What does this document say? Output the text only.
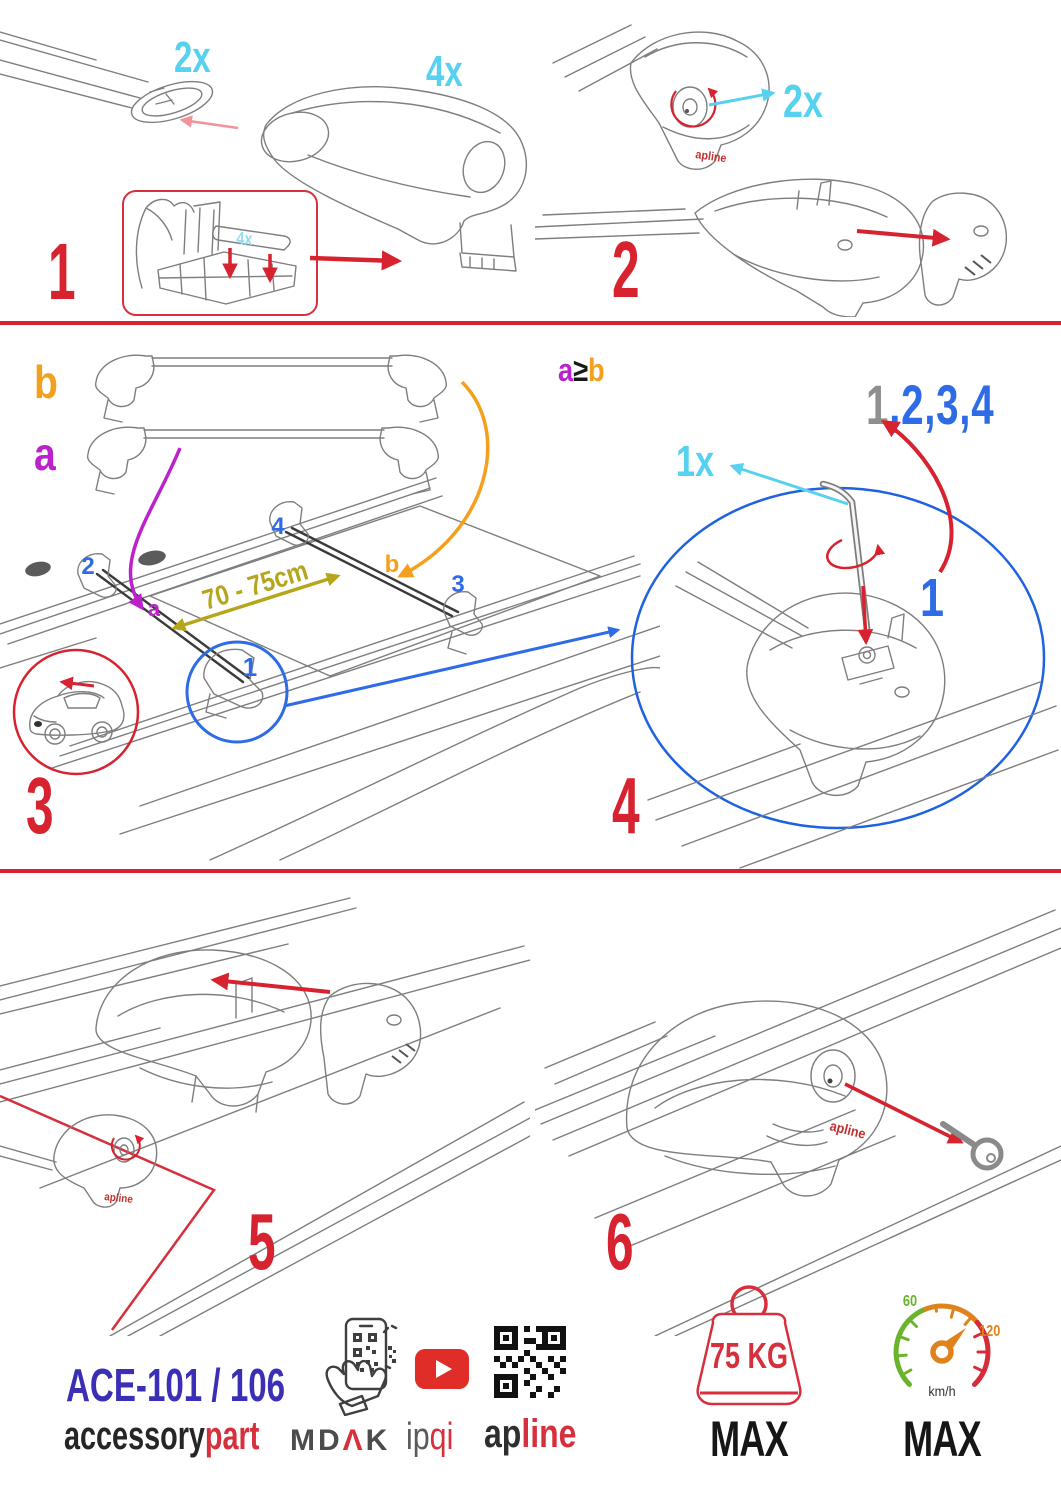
2x	4x
4x
1
2x
apline
2
b
a
2
4
3
b
a 70 - 75cm
1
3
a≥b
1,2,3,4
1x
1
4
apline 5
apline
6
ACE-101 / 106
accessorypart MDΛK ipqi apline
75 KG
MAX
60
120
km/h
MAX
